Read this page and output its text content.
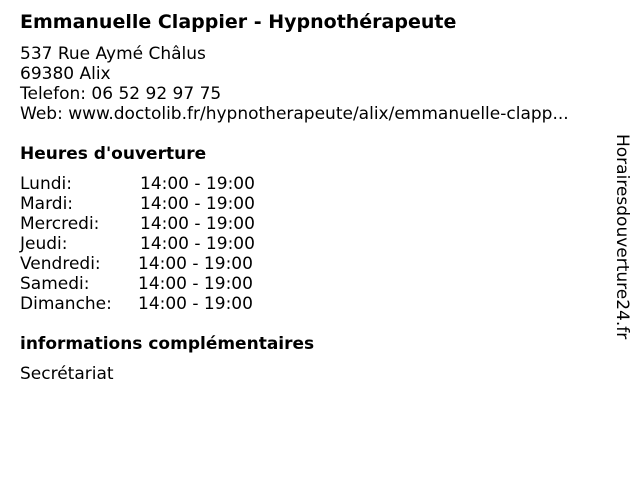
Emmanuelle Clappier - Hypnothérapeute
537 Rue Aymé Châlus
69380 Alix
Telefon: 06 52 92 97 75
Web: www.doctolib.fr/hypnotherapeute/alix/emmanuelle-clapp...
Heures d'ouverture
Lundi:	14:00 - 19:00
Mardi:	14:00 - 19:00
Mercredi: 14:00 - 19:00
Jeudi:	14:00 - 19:00
Vendredi: 14:00 - 19:00
Samedi:	14:00 - 19:00
Dimanche: 14:00 - 19:00
informations complémentaires
Secrétariat
Horairesdouverture24.fr
